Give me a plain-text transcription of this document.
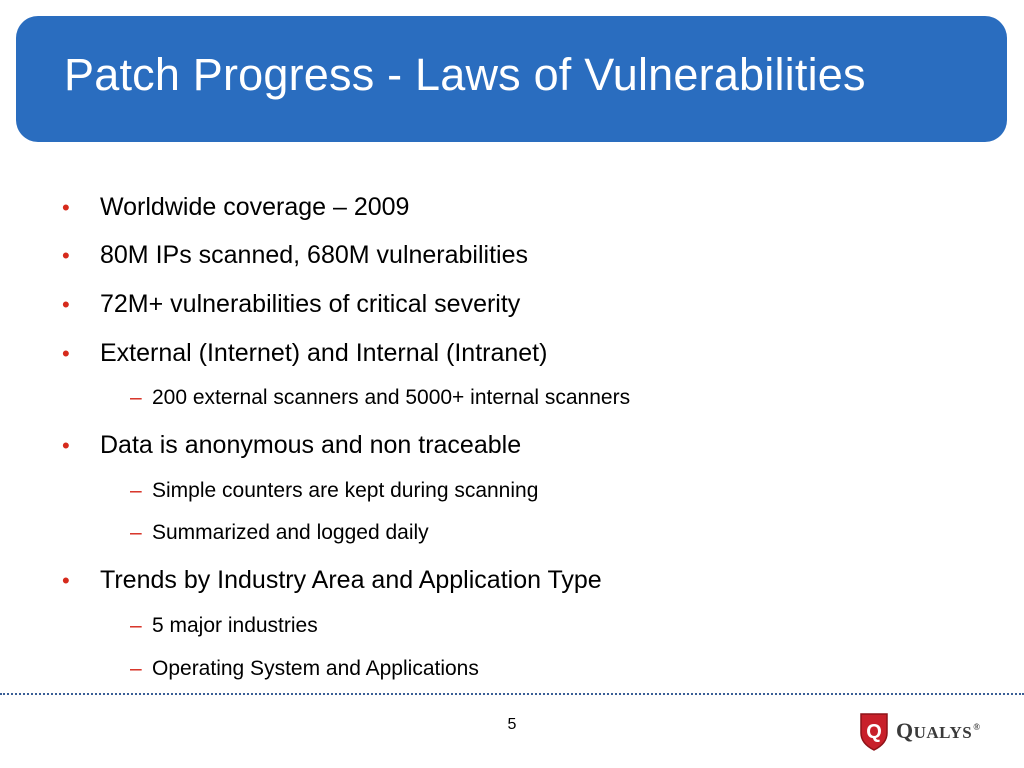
Patch Progress - Laws of Vulnerabilities
• Worldwide coverage – 2009
• 80M IPs scanned, 680M vulnerabilities
• 72M+ vulnerabilities of critical severity
• External (Internet) and Internal (Intranet)
– 200 external scanners and 5000+ internal scanners
• Data is anonymous and non traceable
– Simple counters are kept during scanning
– Summarized and logged daily
• Trends by Industry Area and Application Type
– 5 major industries
– Operating System and Applications
5	Q Q UALYS ®
